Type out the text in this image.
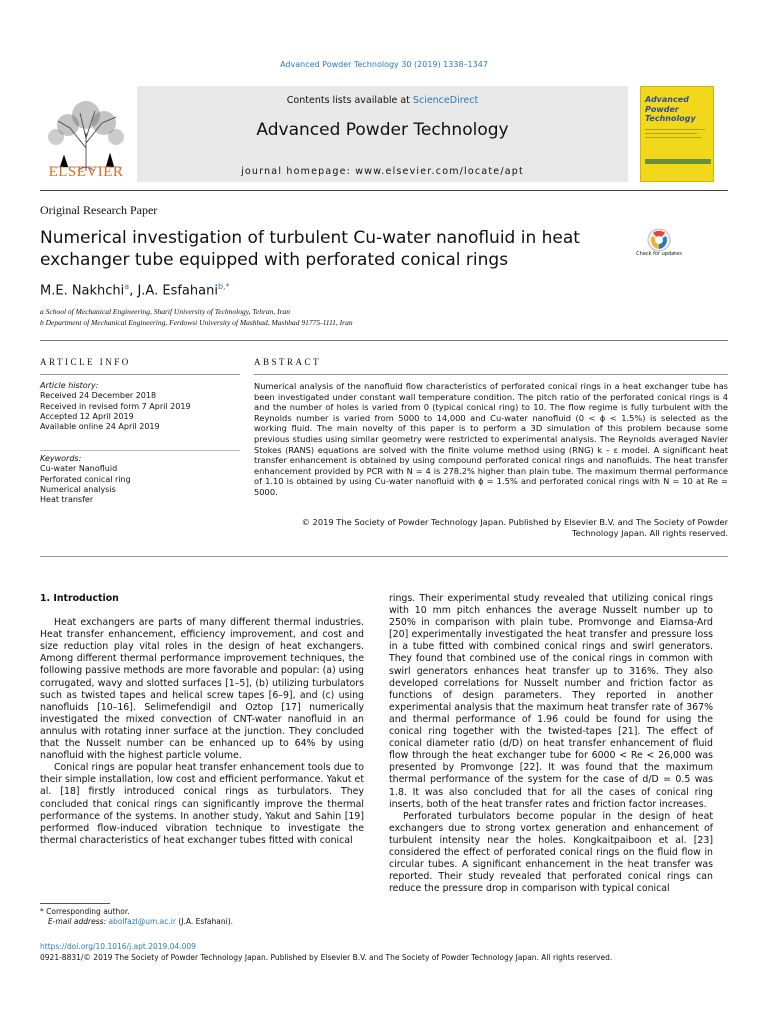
Advanced Powder Technology 30 (2019) 1338–1347
ELSEVIER
Contents lists available at ScienceDirect
Advanced Powder Technology
journal homepage: www.elsevier.com/locate/apt
Advanced Powder Technology
Original Research Paper
Numerical investigation of turbulent Cu-water nanofluid in heat exchanger tube equipped with perforated conical rings	Check for updates
M.E. Nakhchi$^a$, J.A. Esfahani$^{b,*}$
a School of Mechanical Engineering, Sharif University of Technology, Tehran, Iran
b Department of Mechanical Engineering, Ferdowsi University of Mashhad, Mashhad 91775-1111, Iran
ARTICLE INFO	ABSTRACT
Article history:
Received 24 December 2018
Received in revised form 7 April 2019
Accepted 12 April 2019
Available online 24 April 2019
Keywords:
Cu-water Nanofluid
Perforated conical ring
Numerical analysis
Heat transfer
Numerical analysis of the nanofluid flow characteristics of perforated conical rings in a heat exchanger tube has been investigated under constant wall temperature condition. The pitch ratio of the perforated conical rings is 4 and the number of holes is varied from 0 (typical conical ring) to 10. The flow regime is fully turbulent with the Reynolds number is varied from 5000 to 14,000 and Cu-water nanofluid (0 < ϕ < 1.5%) is selected as the working fluid. The main novelty of this paper is to perform a 3D simulation of this problem because some previous studies using similar geometry were restricted to experimental analysis. The Reynolds averaged Navier Stokes (RANS) equations are solved with the finite volume method using (RNG) k – ε model. A significant heat transfer enhancement is obtained by using compound perforated conical rings and nanofluids. The heat transfer enhancement provided by PCR with N = 4 is 278.2% higher than plain tube. The maximum thermal performance of 1.10 is obtained by using Cu-water nanofluid with ϕ = 1.5% and perforated conical rings with N = 10 at Re = 5000.
© 2019 The Society of Powder Technology Japan. Published by Elsevier B.V. and The Society of Powder Technology Japan. All rights reserved.
1. Introduction

Heat exchangers are parts of many different thermal industries. Heat transfer enhancement, efficiency improvement, and cost and size reduction play vital roles in the design of heat exchangers. Among different thermal performance improvement techniques, the following passive methods are more favorable and popular: (a) using corrugated, wavy and slotted surfaces [1–5], (b) utilizing turbulators such as twisted tapes and helical screw tapes [6–9], and (c) using nanofluids [10–16]. Selimefendigil and Oztop [17] numerically investigated the mixed convection of CNT-water nanofluid in an annulus with rotating inner surface at the junction. They concluded that the Nusselt number can be enhanced up to 64% by using nanofluid with the highest particle volume.

Conical rings are popular heat transfer enhancement tools due to their simple installation, low cost and efficient performance. Yakut et al. [18] firstly introduced conical rings as turbulators. They concluded that conical rings can significantly improve the thermal performance of the systems. In another study, Yakut and Sahin [19] performed flow-induced vibration technique to investigate the thermal characteristics of heat exchanger tubes fitted with conical

rings. Their experimental study revealed that utilizing conical rings with 10 mm pitch enhances the average Nusselt number up to 250% in comparison with plain tube. Promvonge and Eiamsa-Ard [20] experimentally investigated the heat transfer and pressure loss in a tube fitted with combined conical rings and swirl generators. They found that combined use of the conical rings in common with swirl generators enhances heat transfer up to 316%. They also developed correlations for Nusselt number and friction factor as functions of design parameters. They reported in another experimental analysis that the maximum heat transfer rate of 367% and thermal performance of 1.96 could be found for using the conical ring together with the twisted-tapes [21]. The effect of conical diameter ratio (d/D) on heat transfer enhancement of fluid flow through the heat exchanger tube for 6000 < Re < 26,000 was presented by Promvonge [22]. It was found that the maximum thermal performance of the system for the case of d/D = 0.5 was 1.8. It was also concluded that for all the cases of conical ring inserts, both of the heat transfer rates and friction factor increases.

Perforated turbulators become popular in the design of heat exchangers due to strong vortex generation and enhancement of turbulent intensity near the holes. Kongkaitpaiboon et al. [23] considered the effect of perforated conical rings on the fluid flow in circular tubes. A significant enhancement in the heat transfer was reported. Their study revealed that perforated conical rings can reduce the pressure drop in comparison with typical conical

* Corresponding author.
E-mail address: abolfazl@um.ac.ir (J.A. Esfahani).
https://doi.org/10.1016/j.apt.2019.04.009
0921-8831/© 2019 The Society of Powder Technology Japan. Published by Elsevier B.V. and The Society of Powder Technology Japan. All rights reserved.
